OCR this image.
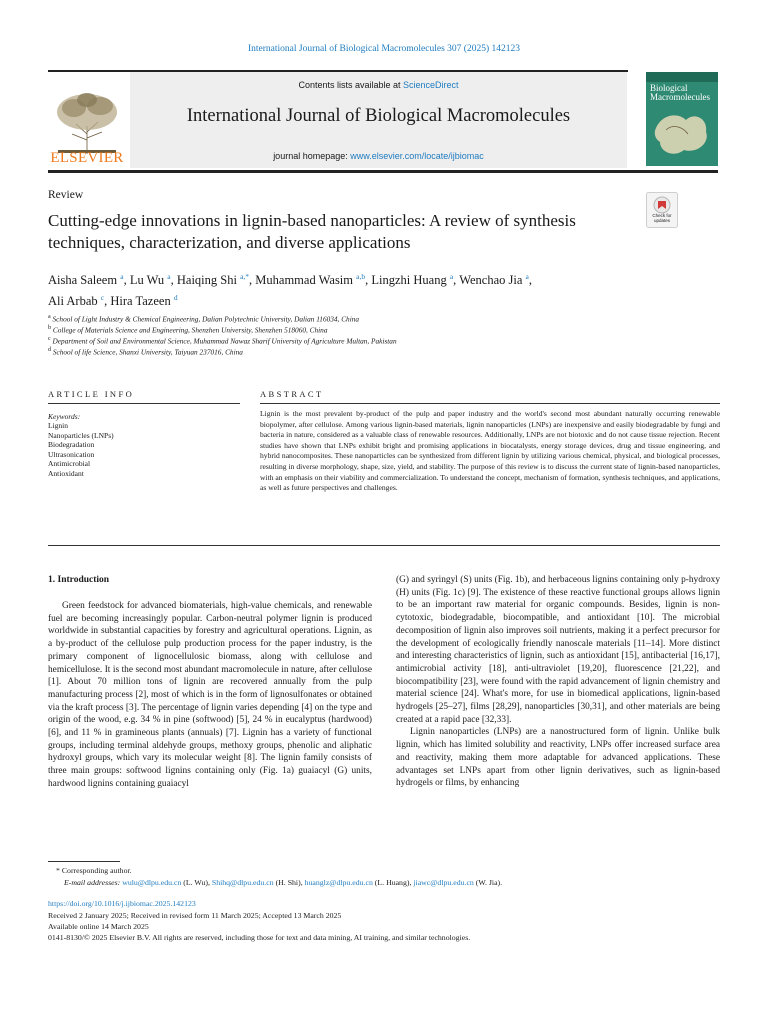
International Journal of Biological Macromolecules 307 (2025) 142123
ELSEVIER
Contents lists available at ScienceDirect
International Journal of Biological Macromolecules
journal homepage: www.elsevier.com/locate/ijbiomac
Biological Macromolecules
Review
Cutting-edge innovations in lignin-based nanoparticles: A review of synthesis techniques, characterization, and diverse applications
Check for updates
Aisha Saleem $^a$, Lu Wu $^a$, Haiqing Shi $^{a,*}$, Muhammad Wasim $^{a,b}$, Lingzhi Huang $^a$, Wenchao Jia $^a$,
Ali Arbab $^c$, Hira Tazeen $^d$
$^a$ School of Light Industry & Chemical Engineering, Dalian Polytechnic University, Dalian 116034, China
$^b$ College of Materials Science and Engineering, Shenzhen University, Shenzhen 518060, China
$^c$ Department of Soil and Environmental Science, Muhammad Nawaz Sharif University of Agriculture Multan, Pakistan
$^d$ School of life Science, Shanxi University, Taiyuan 237016, China
ARTICLE INFO	ABSTRACT
Keywords:
Lignin
Nanoparticles (LNPs)
Biodegradation
Ultrasonication
Antimicrobial
Antioxidant
Lignin is the most prevalent by-product of the pulp and paper industry and the world's second most abundant naturally occurring renewable biopolymer, after cellulose. Among various lignin-based materials, lignin nanoparticles (LNPs) are inexpensive and easily biodegradable by fungi and bacteria in nature, considered as a valuable class of renewable resources. Additionally, LNPs are not biotoxic and do not cause tissue rejection. Recent studies have shown that LNPs exhibit bright and promising applications in biocatalysts, energy storage devices, drug and tissue engineering, and hybrid nanocomposites. These nanoparticles can be synthesized from different lignin by utilizing various chemical, physical, and biological processes, resulting in diverse morphology, shape, size, yield, and stability. The purpose of this review is to discuss the current state of lignin-based nanoparticles, with an emphasis on their viability and commercialization. To understand the concept, mechanism of formation, synthesis techniques, and applications, as well as future perspectives and challenges.
1. Introduction

Green feedstock for advanced biomaterials, high-value chemicals, and renewable fuel are becoming increasingly popular. Carbon-neutral polymer lignin is produced worldwide in substantial capacities by forestry and agricultural operations. Lignin, as a by-product of the cellulose pulp production process for the paper industry, is the primary component of lignocellulosic biomass, along with cellulose and hemicellulose. It is the second most abundant macromolecule in nature, after cellulose [1]. About 70 million tons of lignin are recovered annually from the pulp manufacturing process [2], most of which is in the form of lignosulfonates or obtained via the kraft process [3]. The percentage of lignin varies depending [4] on the type and origin of the wood, e.g. 34 % in pine (softwood) [5], 24 % in eucalyptus (hardwood) [6], and 11 % in gramineous plants (annuals) [7]. Lignin has a variety of functional groups, including terminal aldehyde groups, methoxy groups, phenolic and aliphatic hydroxyl groups, which vary its molecular weight [8]. The lignin family consists of three main groups: softwood lignins containing only (Fig. 1a) guaiacyl (G) units, hardwood lignins containing guaiacyl

(G) and syringyl (S) units (Fig. 1b), and herbaceous lignins containing only p-hydroxy (H) units (Fig. 1c) [9]. The existence of these reactive functional groups allows lignin to be an important raw material for organic compounds. Besides, lignin is non-cytotoxic, biodegradable, biocompatible, and antioxidant [10]. The microbial decomposition of lignin also improves soil nutrients, making it a perfect precursor for the development of ecologically friendly nanoscale materials [11–14]. More distinct and interesting characteristics of lignin, such as antioxidant [15], antibacterial [16,17], antimicrobial activity [18], anti-ultraviolet [19,20], fluorescence [21,22], and biocompatibility [23], were found with the rapid advancement of lignin chemistry and material science [24]. What's more, for use in biomedical applications, lignin-based hydrogels [25–27], films [28,29], nanoparticles [30,31], and other materials are being created at a rapid pace [32,33].

Lignin nanoparticles (LNPs) are a nanostructured form of lignin. Unlike bulk lignin, which has limited solubility and reactivity, LNPs offer increased surface area and reactivity, making them more adaptable for advanced applications. These advantages set LNPs apart from other lignin derivatives, such as lignin-based hydrogels or films, by enhancing

* Corresponding author.
E-mail addresses: wulu@dlpu.edu.cn (L. Wu), Shihq@dlpu.edu.cn (H. Shi), huanglz@dlpu.edu.cn (L. Huang), jiawc@dlpu.edu.cn (W. Jia).
https://doi.org/10.1016/j.ijbiomac.2025.142123
Received 2 January 2025; Received in revised form 11 March 2025; Accepted 13 March 2025
Available online 14 March 2025
0141-8130/© 2025 Elsevier B.V. All rights are reserved, including those for text and data mining, AI training, and similar technologies.
